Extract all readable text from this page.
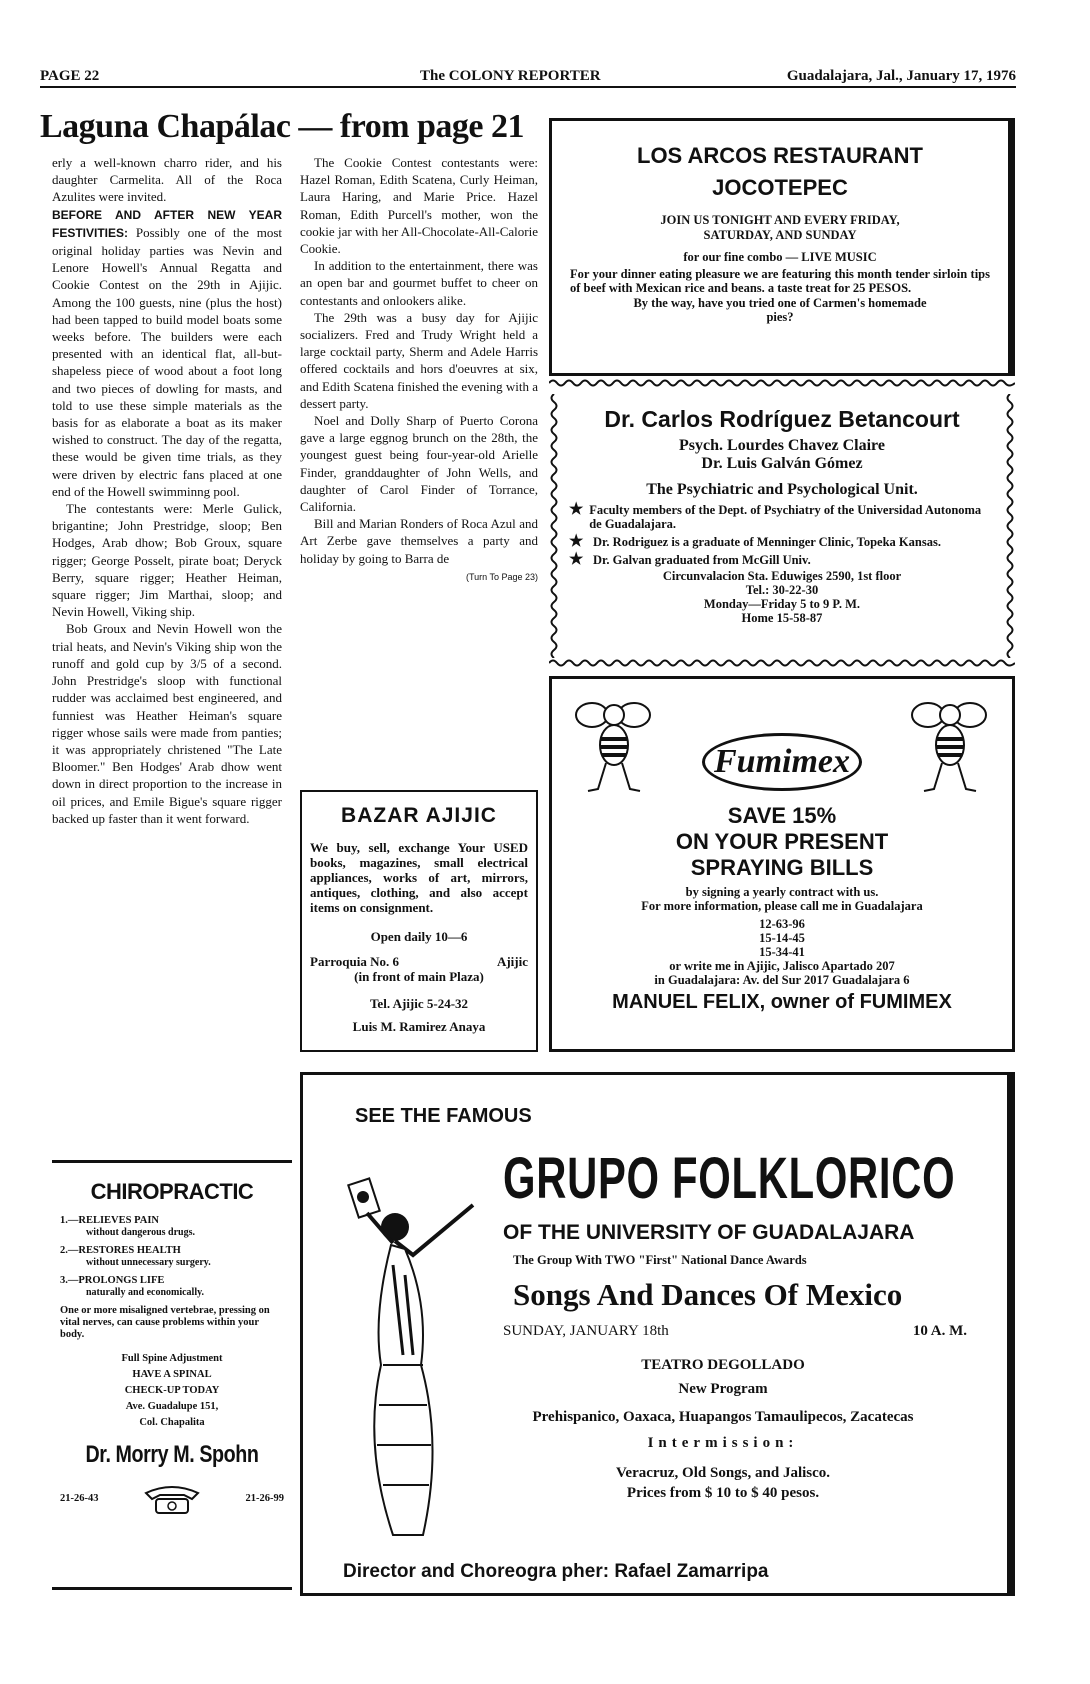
PAGE 22	The COLONY REPORTER	Guadalajara, Jal., January 17, 1976
Laguna Chapálac — from page 21

erly a well-known charro rider, and his daughter Carmelita. All of the Roca Azulites were invited.

BEFORE AND AFTER NEW YEAR FESTIVITIES: Possibly one of the most original holiday parties was Nevin and Lenore Howell's Annual Regatta and Cookie Contest on the 29th in Ajijic. Among the 100 guests, nine (plus the host) had been tapped to build model boats some weeks before. The builders were each presented with an identical flat, all-but-shapeless piece of wood about a foot long and two pieces of dowling for masts, and told to use these simple materials as the basis for as elaborate a boat as its maker wished to construct. The day of the regatta, these would be given time trials, as they were driven by electric fans placed at one end of the Howell swimminng pool.

The contestants were: Merle Gulick, brigantine; John Prestridge, sloop; Ben Hodges, Arab dhow; Bob Groux, square rigger; George Posselt, pirate boat; Deryck Berry, square rigger; Heather Heiman, square rigger; Jim Marthai, sloop; and Nevin Howell, Viking ship.

Bob Groux and Nevin Howell won the trial heats, and Nevin's Viking ship won the runoff and gold cup by 3/5 of a second. John Prestridge's sloop with functional rudder was acclaimed best engineered, and funniest was Heather Heiman's square rigger whose sails were made from panties; it was appropriately christened "The Late Bloomer." Ben Hodges' Arab dhow went down in direct proportion to the increase in oil prices, and Emile Bigue's square rigger backed up faster than it went forward.

The Cookie Contest contestants were: Hazel Roman, Edith Scatena, Curly Heiman, Laura Haring, and Marie Price. Hazel Roman, Edith Purcell's mother, won the cookie jar with her All-Chocolate-All-Calorie Cookie.

In addition to the entertainment, there was an open bar and gourmet buffet to cheer on contestants and onlookers alike.

The 29th was a busy day for Ajijic socializers. Fred and Trudy Wright held a large cocktail party, Sherm and Adele Harris offered cocktails and hors d'oeuvres at six, and Edith Scatena finished the evening with a dessert party.

Noel and Dolly Sharp of Puerto Corona gave a large eggnog brunch on the 28th, the youngest guest being four-year-old Arielle Finder, granddaughter of John Wells, and daughter of Carol Finder of Torrance, California.

Bill and Marian Ronders of Roca Azul and Art Zerbe gave themselves a party and holiday by going to Barra de

(Turn To Page 23)
LOS ARCOS RESTAURANT
JOCOTEPEC
JOIN US TONIGHT AND EVERY FRIDAY, SATURDAY, AND SUNDAY
for our fine combo — LIVE MUSIC
For your dinner eating pleasure we are featuring this month tender sirloin tips of beef with Mexican rice and beans. a taste treat for 25 PESOS.
By the way, have you tried one of Carmen's homemade pies?
Dr. Carlos Rodríguez Betancourt
Psych. Lourdes Chavez Claire
Dr. Luis Galván Gómez
The Psychiatric and Psychological Unit.
★ Faculty members of the Dept. of Psychiatry of the Universidad Autonoma de Guadalajara.
★ Dr. Rodriguez is a graduate of Menninger Clinic, Topeka Kansas.
★ Dr. Galvan graduated from McGill Univ.
Circunvalacion Sta. Eduwiges 2590, 1st floor
Tel.: 30-22-30
Monday—Friday 5 to 9 P. M.
Home 15-58-87
Fumimex
SAVE 15%
ON YOUR PRESENT
SPRAYING BILLS
by signing a yearly contract with us.
For more information, please call me in Guadalajara
12-63-96
15-14-45
15-34-41
or write me in Ajijic, Jalisco Apartado 207
in Guadalajara: Av. del Sur 2017 Guadalajara 6
MANUEL FELIX, owner of FUMIMEX
BAZAR AJIJIC
We buy, sell, exchange Your USED books, magazines, small electrical appliances, works of art, mirrors, antiques, clothing, and also accept items on consignment.
Open daily 10—6
Parroquia No. 6	Ajijic
(in front of main Plaza)
Tel. Ajijic 5-24-32
Luis M. Ramirez Anaya
CHIROPRACTIC
1.—RELIEVES PAIN
without dangerous drugs.
2.—RESTORES HEALTH
without unnecessary surgery.
3.—PROLONGS LIFE
naturally and economically.
One or more misaligned vertebrae, pressing on vital nerves, can cause problems within your body.
Full Spine Adjustment
HAVE A SPINAL
CHECK-UP TODAY
Ave. Guadalupe 151,
Col. Chapalita
Dr. Morry M. Spohn
21-26-43	21-26-99
SEE THE FAMOUS
GRUPO FOLKLORICO
OF THE UNIVERSITY OF GUADALAJARA
The Group With TWO "First" National Dance Awards
Songs And Dances Of Mexico
SUNDAY, JANUARY 18th	10 A. M.
TEATRO DEGOLLADO
New Program
Prehispanico, Oaxaca, Huapangos Tamaulipecos, Zacatecas
Intermission:
Veracruz, Old Songs, and Jalisco.
Prices from $ 10 to $ 40 pesos.
Director and Choreogra pher: Rafael Zamarripa
